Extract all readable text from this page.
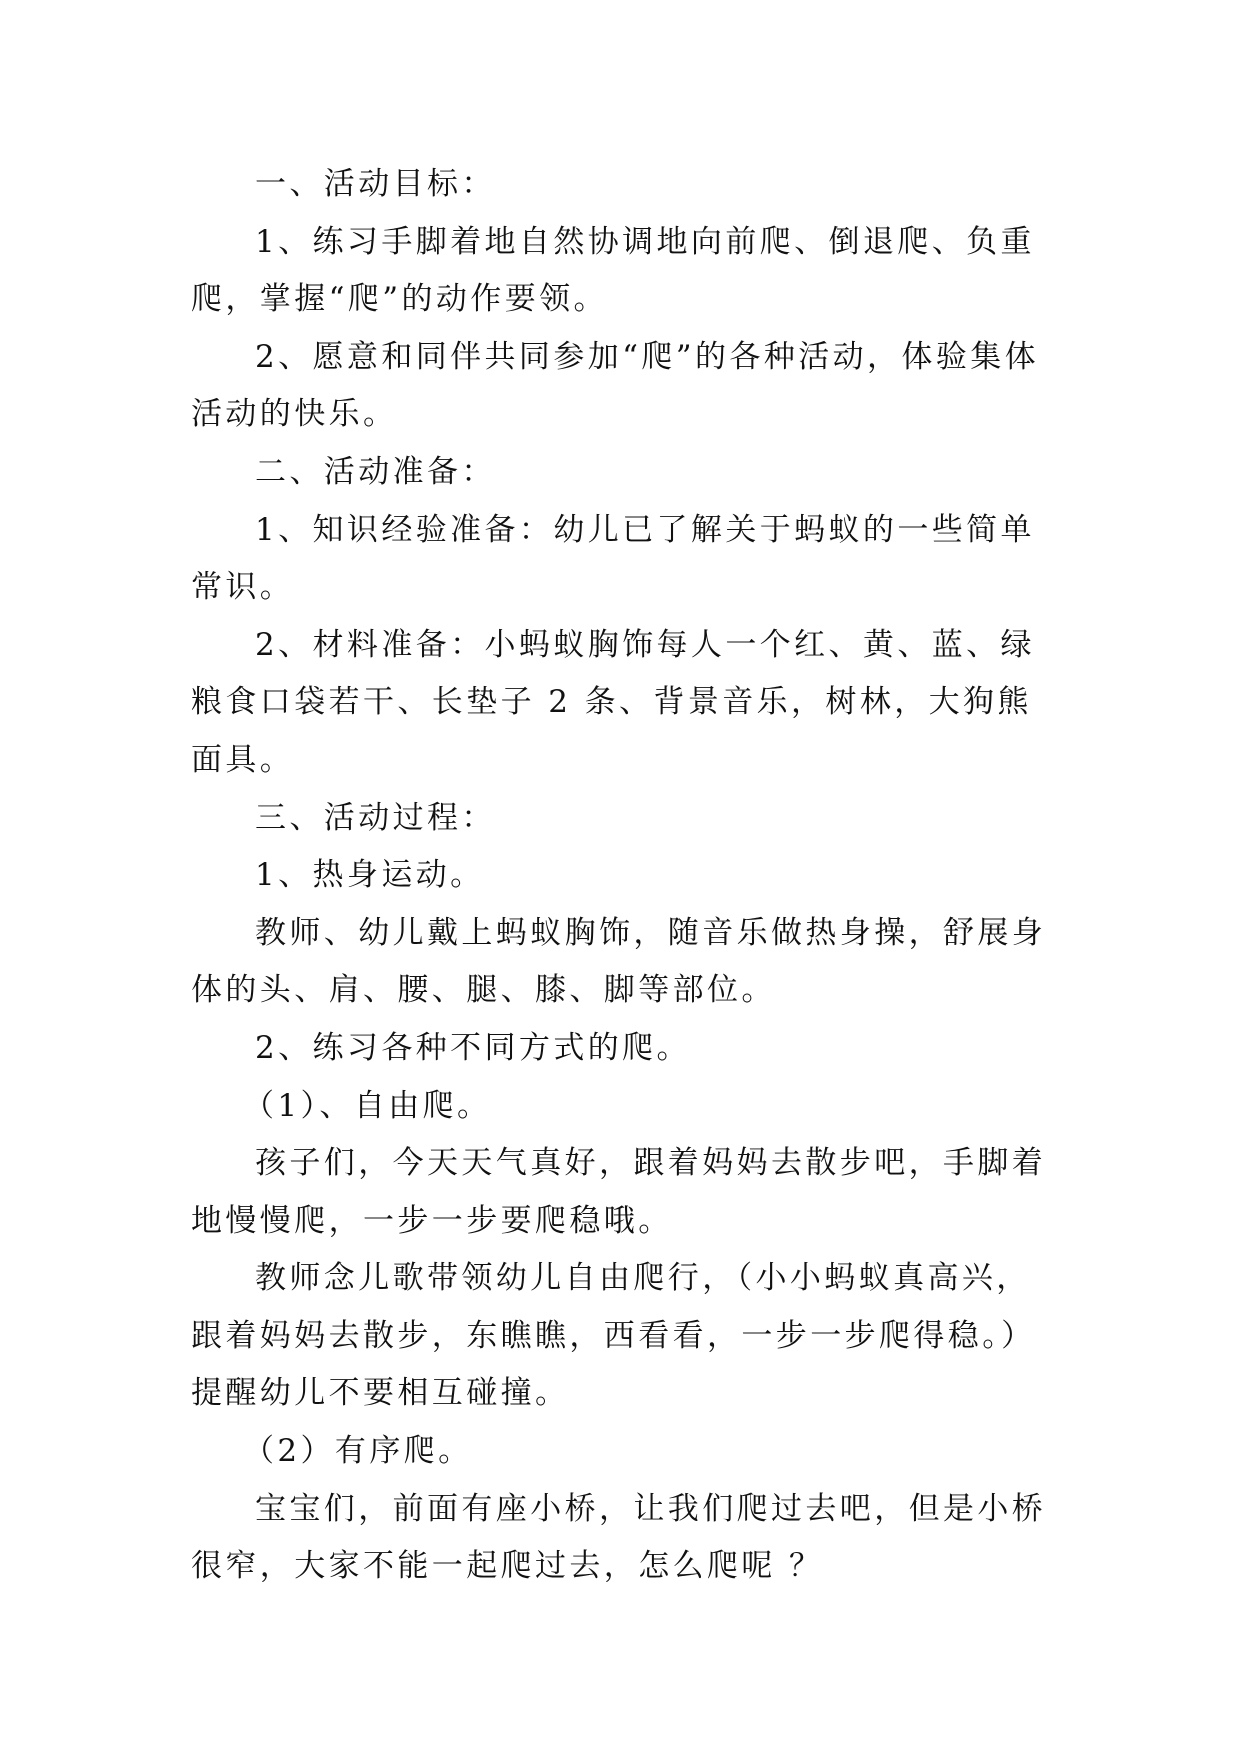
一、活动目标：

1、练习手脚着地自然协调地向前爬、倒退爬、负重爬，掌握“爬”的动作要领。

2、愿意和同伴共同参加“爬”的各种活动，体验集体活动的快乐。

二、活动准备：

1、知识经验准备：幼儿已了解关于蚂蚁的一些简单常识。

2、材料准备：小蚂蚁胸饰每人一个红、黄、蓝、绿粮食口袋若干、长垫子 2 条、背景音乐，树林，大狗熊面具。

三、活动过程：

1、热身运动。

教师、幼儿戴上蚂蚁胸饰，随音乐做热身操，舒展身体的头、肩、腰、腿、膝、脚等部位。

2、练习各种不同方式的爬。

（1）、自由爬。

孩子们，今天天气真好，跟着妈妈去散步吧，手脚着地慢慢爬，一步一步要爬稳哦。

教师念儿歌带领幼儿自由爬行，（小小蚂蚁真高兴，跟着妈妈去散步，东瞧瞧，西看看，一步一步爬得稳。）提醒幼儿不要相互碰撞。

（2）有序爬。

宝宝们，前面有座小桥，让我们爬过去吧，但是小桥很窄，大家不能一起爬过去，怎么爬呢 ？
